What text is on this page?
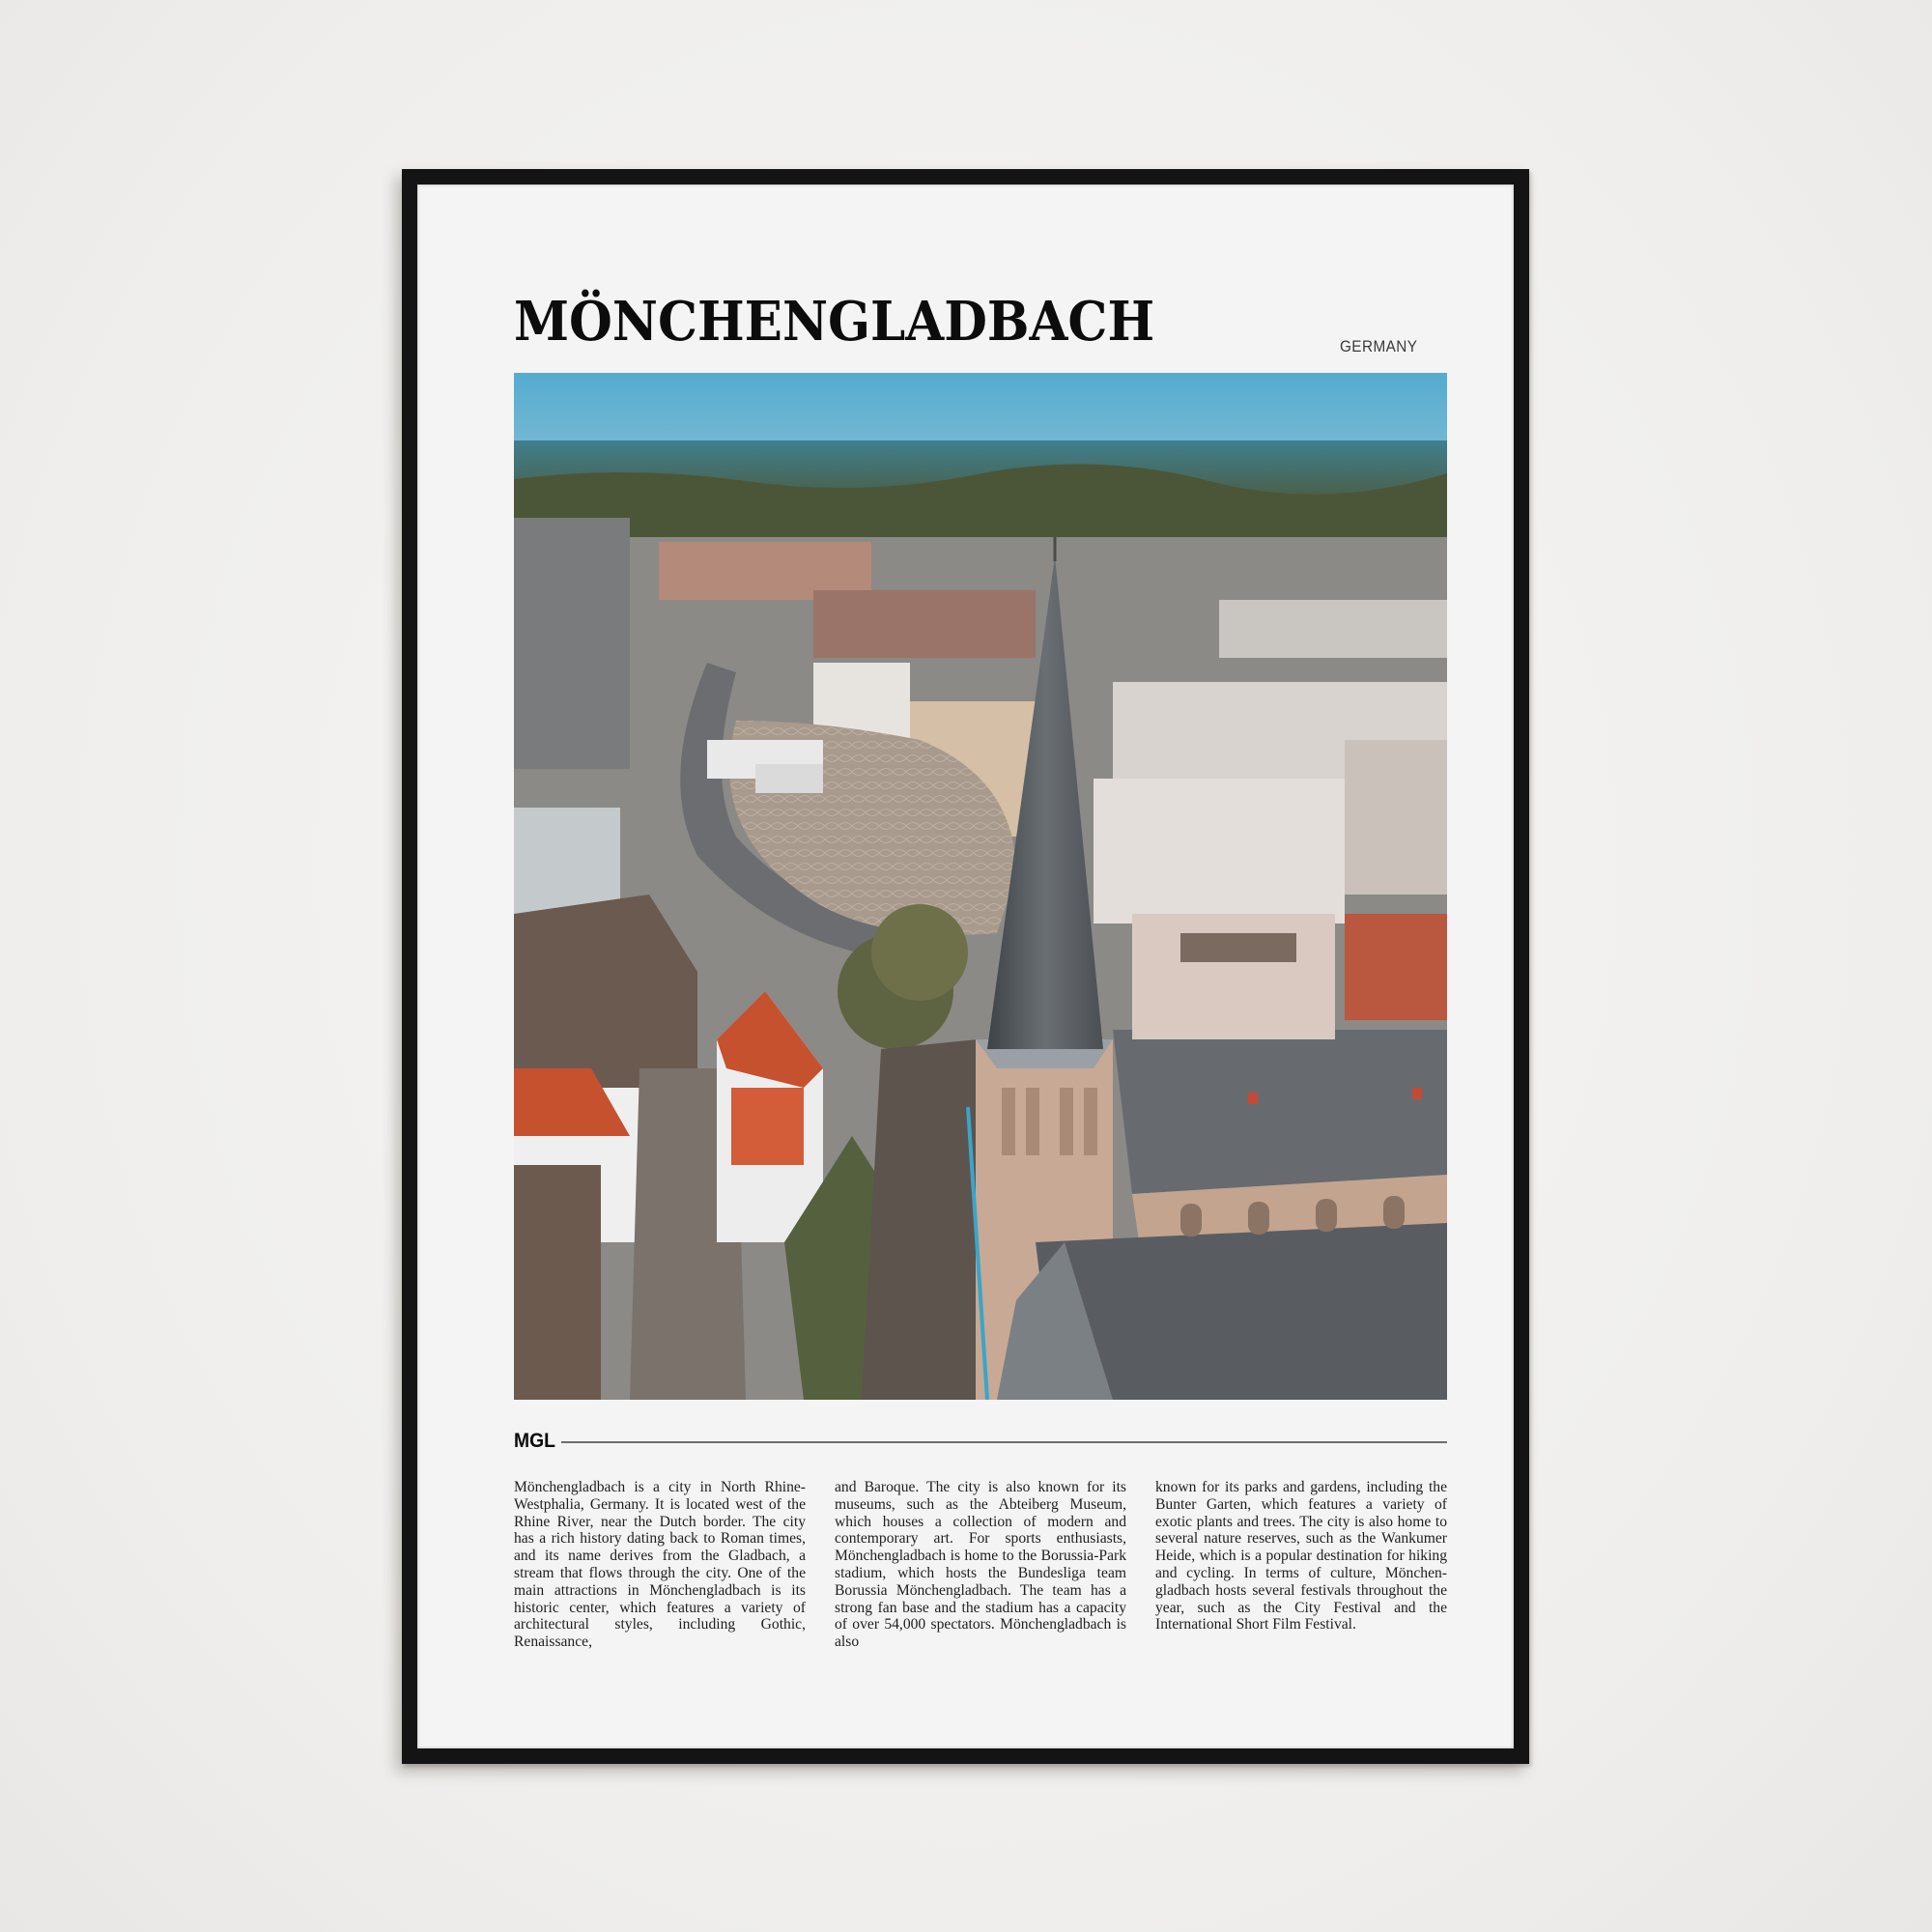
MÖNCHENGLADBACH	GERMANY
MGL

Mönchengladbach is a city in North Rhine-Westphalia, Germany. It is located west of the Rhine River, near the Dutch border. The city has a rich history dating back to Roman times, and its name derives from the Gladbach, a stream that flows through the city. One of the main attractions in Mönchengladbach is its historic center, which features a variety of architectural styles, including Gothic, Renaissance,

and Baroque. The city is also known for its museums, such as the Abteiberg Museum, which houses a collection of modern and contemporary art. For sports enthusiasts, Mönchengladbach is home to the Borussia-Park stadium, which hosts the Bundesliga team Borussia Mönchengladbach. The team has a strong fan base and the stadium has a capacity of over 54,000 spectators. Mönchengladbach is also

known for its parks and gardens, including the Bunter Garten, which features a variety of exotic plants and trees. The city is also home to several nature reserves, such as the Wankumer Heide, which is a popular destination for hiking and cycling. In terms of culture, Mönchengladbach hosts several festivals throughout the year, such as the City Festival and the International Short Film Festival.
